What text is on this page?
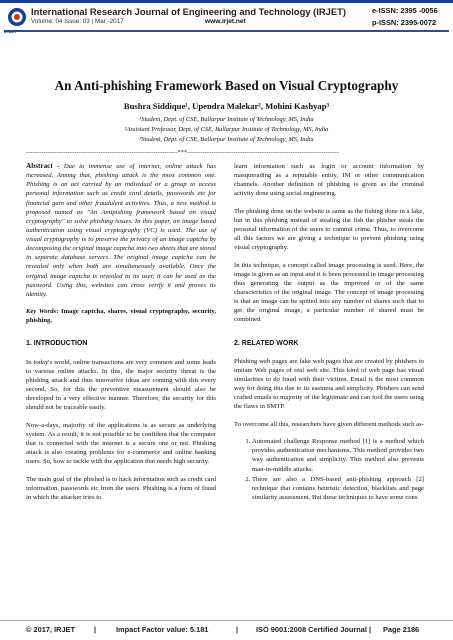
International Research Journal of Engineering and Technology (IRJET)	e-ISSN: 2395 -0056
Volume: 04 Issue: 03 | Mar -2017	www.irjet.net	p-ISSN: 2395-0072
IRJET
An Anti-phishing Framework Based on Visual Cryptography
Bushra Siddique¹, Upendra Malekar², Mohini Kashyap³
¹Student, Dept. of CSE, Ballarpur Institute of Technology, MS, India
²Assistant Professor, Dept. of CSE, Ballarpur Institute of Technology, MS, India
³Student, Dept. of CSE, Ballarpur Institute of Technology, MS, India
---------------------------------------------------------------------***---------------------------------------------------------------------

Abstract - Due to immense use of internet, online attack has increased. Among that, phishing attack is the most common one. Phishing is an act carried by an individual or a group to access personal information such as credit card details, passwords etc for financial gain and other fraudulent activities. Thus, a new method is proposed named as "An Antipishing framework based on visual cryptography" to solve phishing issues. In this paper, an image based authentication using visual cryptography (VC) is used. The use of visual cryptography is to preserve the privacy of an image captcha by decomposing the original image captcha into two sheets that are stored in separate database servers. The original image captcha can be revealed only when both are simultaneously available. Once the original image captcha is revealed to its user, it can be used as the password. Using this, websites can cross verify it and proves its identity.

Key Words: Image captcha, shares, visual cryptography, security, phishing.

1. INTRODUCTION

In today's world, online transactions are very common and some leads to various online attacks. In this, the major security threat is the phishing attack and thus innovative ideas are coming with this every second. So, for this the preventive measurement should also be developed in a very effective manner. Therefore, the security for this should not be traceable easily.

Now-a-days, majority of the applications is as secure as underlying system. As a result, it is not possible to be confident that the computer that is connected with the internet is a secure one or not. Phishing attack is also creating problems for e-commerce and online banking users. So, how to tackle with the application that needs high security.

The main goal of the phished is to hack information such as credit card information, passwords etc from the users. Phishing is a form of fraud in which the attacker tries to

learn information such as login or account information by masquerading as a reputable entity, IM or other communication channels. Another definition of phishing is given as the criminal activity done using social engineering.

The phishing done on the website is same as the fishing done in a lake, but in this phishing instead of stealing the fish the phisher steals the personal information of the users to commit crime. Thus, to overcome all this factors we are giving a technique to prevent phishing using visual cryptography.

In this technique, a concept called image processing is used. Here, the image is given as an input and it is been processed in image processing thus generating the output as the improved or of the same characteristics of the original image. The concept of image processing is that an image can be spitted into any number of shares such that to get the original image, a particular number of shared must be combined.

2. RELATED WORK

Phishing web pages are fake web pages that are created by phishers to imitate Web pages of real web site. This kind of web page has visual similarities to do fraud with their victims. Email is the most common way for doing this due to its easiness and simplicity. Phishers can send crafted emails to majority of the legitimate and can fool the users using the flaws in SMTP.

To overcome all this, researchers have given different methods such as-

1. Automated challenge Response method [1] is a method which provides authentication mechanisms. This method provides two way authentication and simplicity. This method also prevents man-in-middle attacks.
2. There are also a DNS-based anti-phishing approach [2] technique that contains heuristic detection, blacklists and page similarity assessment. But these techniques to have some cons.
© 2017, IRJET	|	Impact Factor value: 5.181	| ISO 9001:2008 Certified Journal | Page 2186
